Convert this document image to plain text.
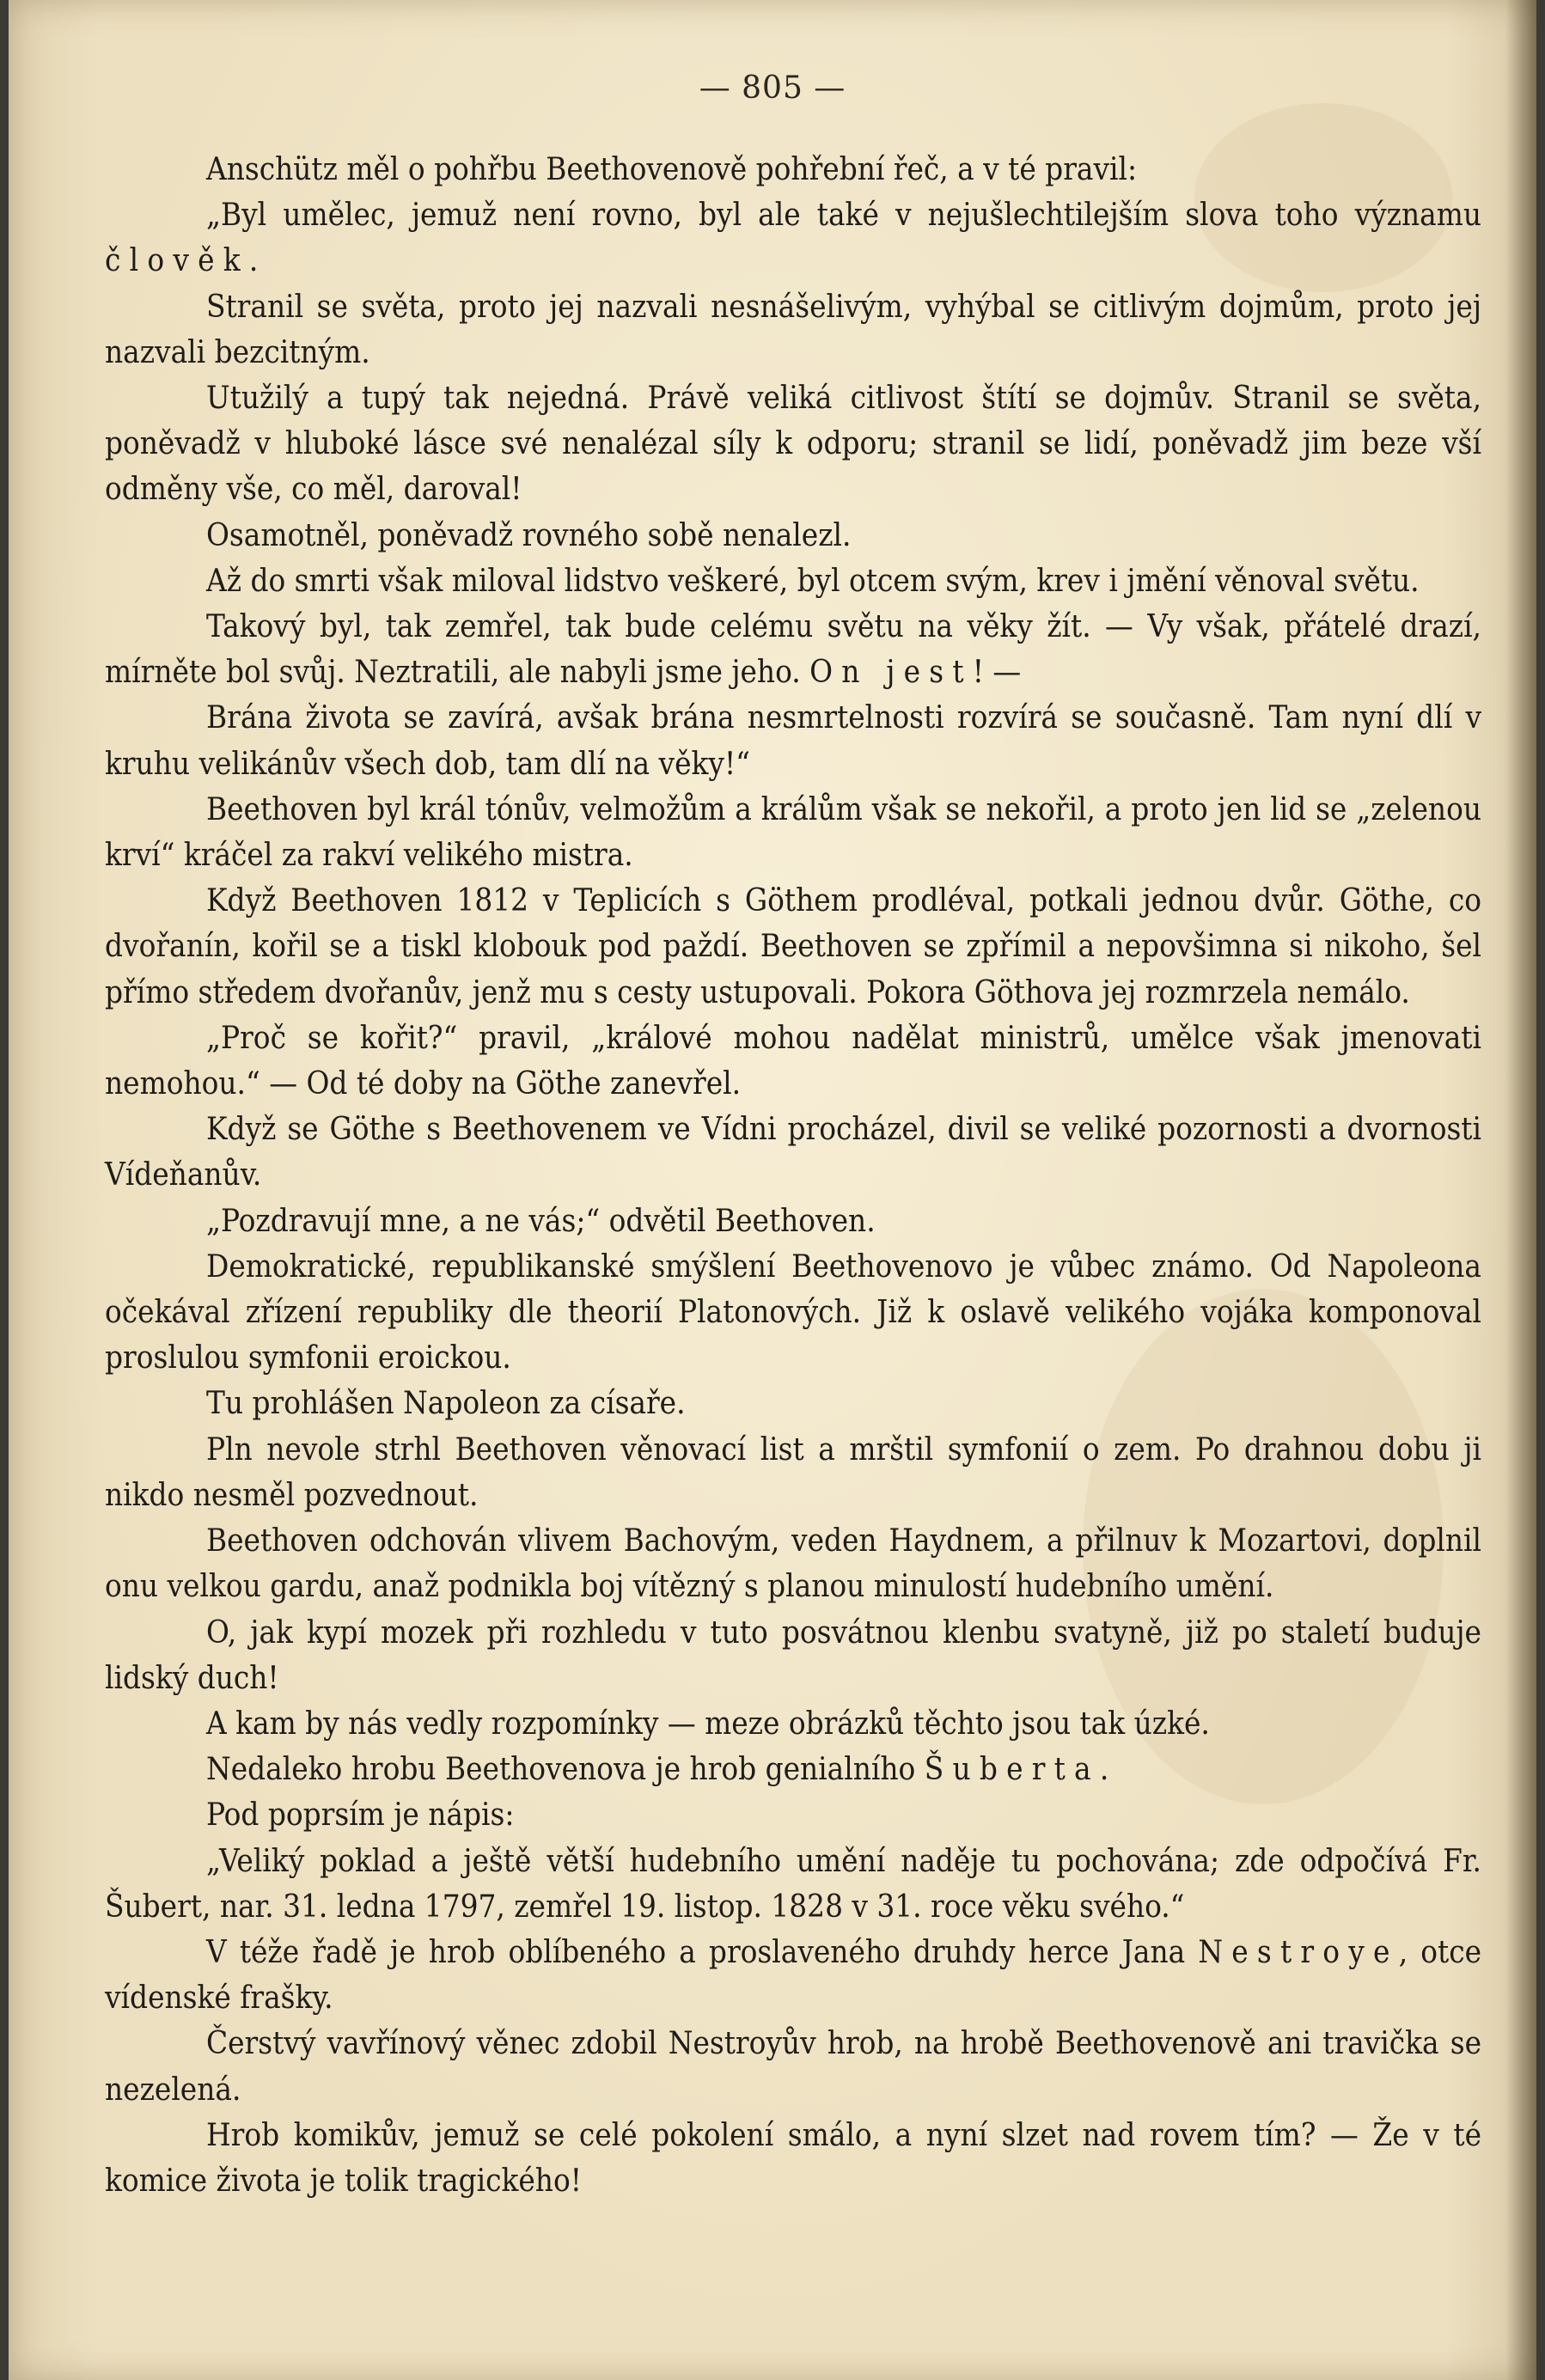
— 805 —

Anschütz měl o pohřbu Beethovenově pohřební řeč, a v té pravil:

„Byl umělec, jemuž není rovno, byl ale také v nejušlechtilejším slova toho významu člověk.

Stranil se světa, proto jej nazvali nesnášelivým, vyhýbal se citlivým dojmům, proto jej nazvali bezcitným.

Utužilý a tupý tak nejedná. Právě veliká citlivost štítí se dojmův. Stranil se světa, poněvadž v hluboké lásce své nenalézal síly k odporu; stranil se lidí, poněvadž jim beze vší odměny vše, co měl, daroval!

Osamotněl, poněvadž rovného sobě nenalezl.

Až do smrti však miloval lidstvo veškeré, byl otcem svým, krev i jmění věnoval světu.

Takový byl, tak zemřel, tak bude celému světu na věky žít. — Vy však, přátelé drazí, mírněte bol svůj. Neztratili, ale nabyli jsme jeho. On jest! —

Brána života se zavírá, avšak brána nesmrtelnosti rozvírá se současně. Tam nyní dlí v kruhu velikánův všech dob, tam dlí na věky!“

Beethoven byl král tónův, velmožům a králům však se nekořil, a proto jen lid se „zelenou krví“ kráčel za rakví velikého mistra.

Když Beethoven 1812 v Teplicích s Göthem prodléval, potkali jednou dvůr. Göthe, co dvořanín, kořil se a tiskl klobouk pod paždí. Beethoven se zpřímil a nepovšimna si nikoho, šel přímo středem dvořanův, jenž mu s cesty ustupovali. Pokora Göthova jej rozmrzela nemálo.

„Proč se kořit?“ pravil, „králové mohou nadělat ministrů, umělce však jmenovati nemohou.“ — Od té doby na Göthe zanevřel.

Když se Göthe s Beethovenem ve Vídni procházel, divil se veliké pozornosti a dvornosti Vídeňanův.

„Pozdravují mne, a ne vás;“ odvětil Beethoven.

Demokratické, republikanské smýšlení Beethovenovo je vůbec známo. Od Napoleona očekával zřízení republiky dle theorií Platonových. Již k oslavě velikého vojáka komponoval proslulou symfonii eroickou.

Tu prohlášen Napoleon za císaře.

Pln nevole strhl Beethoven věnovací list a mrštil symfonií o zem. Po drahnou dobu ji nikdo nesměl pozvednout.

Beethoven odchován vlivem Bachovým, veden Haydnem, a přilnuv k Mozartovi, doplnil onu velkou gardu, anaž podnikla boj vítězný s planou minulostí hudebního umění.

O, jak kypí mozek při rozhledu v tuto posvátnou klenbu svatyně, již po staletí buduje lidský duch!

A kam by nás vedly rozpomínky — meze obrázků těchto jsou tak úzké.

Nedaleko hrobu Beethovenova je hrob genialního Šuberta.

Pod poprsím je nápis:

„Veliký poklad a ještě větší hudebního umění naděje tu pochována; zde odpočívá Fr. Šubert, nar. 31. ledna 1797, zemřel 19. listop. 1828 v 31. roce věku svého.“

V téže řadě je hrob oblíbeného a proslaveného druhdy herce Jana Nestroye, otce vídenské frašky.

Čerstvý vavřínový věnec zdobil Nestroyův hrob, na hrobě Beethovenově ani travička se nezelená.

Hrob komikův, jemuž se celé pokolení smálo, a nyní slzet nad rovem tím? — Že v té komice života je tolik tragického!
